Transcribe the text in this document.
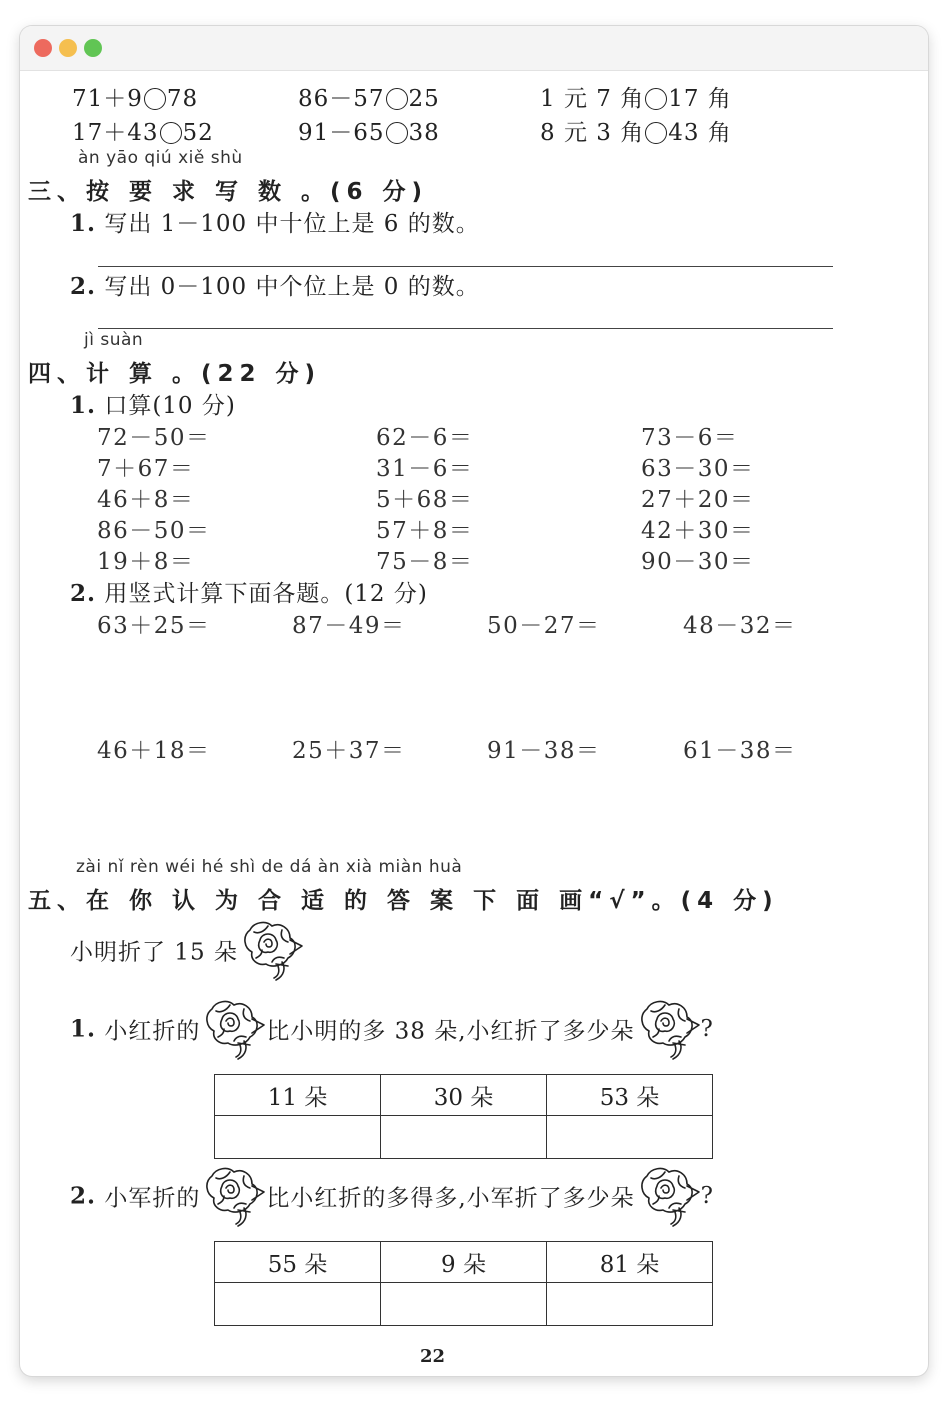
71＋9 78	86－57 25	1 元 7 角 17 角
17＋43 52	91－65 38	8 元 3 角 43 角
àn yāo qiú xiě shù
三、按 要 求 写 数 。(6 分)
1. 写出 1－100 中十位上是 6 的数。
2. 写出 0－100 中个位上是 0 的数。
jì suàn
四、计 算 。(22 分)
1. 口算(10 分)
72－50＝	62－6＝	73－6＝
7＋67＝	31－6＝	63－30＝
46＋8＝	5＋68＝	27＋20＝
86－50＝	57＋8＝	42＋30＝
19＋8＝	75－8＝	90－30＝
2. 用竖式计算下面各题。(12 分)
63＋25＝	87－49＝	50－27＝	48－32＝
46＋18＝	25＋37＝	91－38＝	61－38＝
zài nǐ rèn wéi hé shì de dá àn xià miàn huà
五、在 你 认 为 合 适 的 答 案 下 面 画“√”。(4 分)
小明折了 15 朵
1. 小红折的	比小明的多 38 朵,小红折了多少朵	?
11 朵	30 朵	53 朵

2. 小军折的	比小红折的多得多,小军折了多少朵	?
55 朵	9 朵	81 朵

22
